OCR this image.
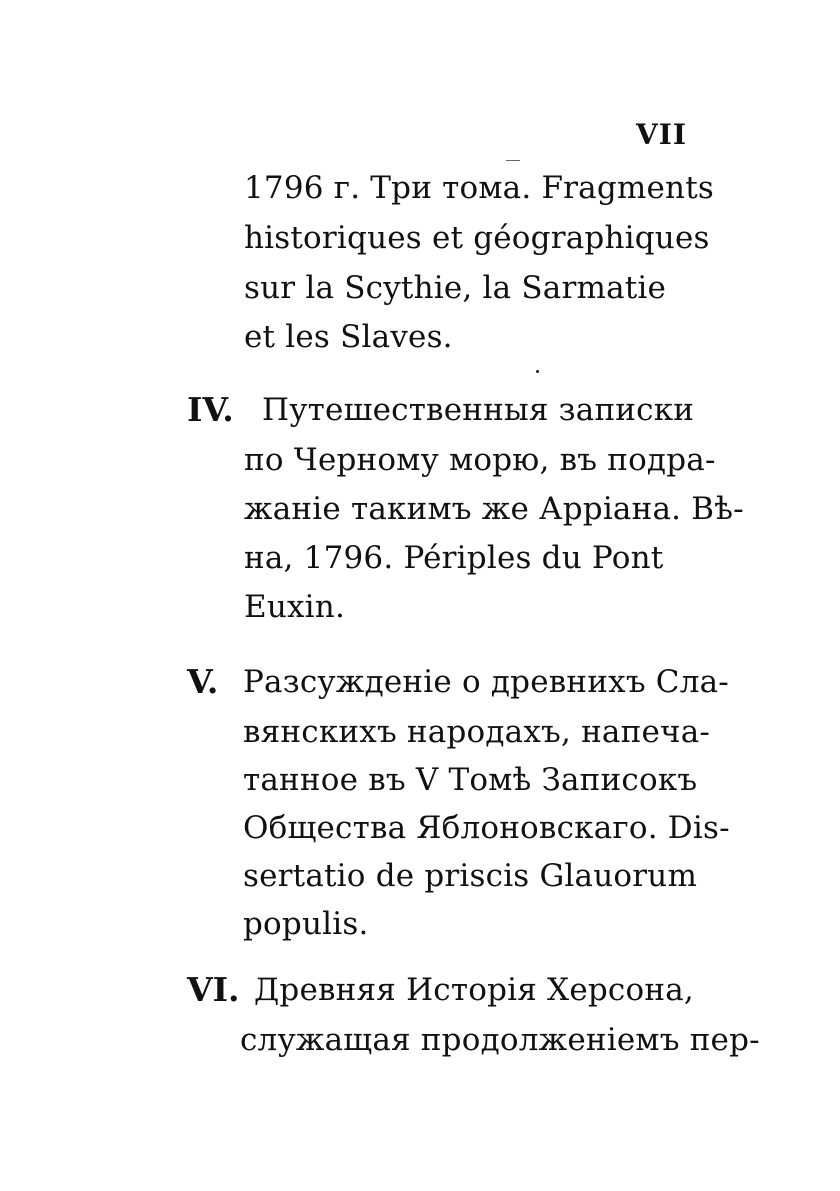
VII
1796 г. Три тома. Fragments
historiques et géographiques
sur la Scythie, la Sarmatie
et les Slaves.
IV. Путешественныя записки
по Черному морю, въ подра-
жаніе такимъ же Арріана. Вѣ-
на, 1796. Périples du Pont
Euxin.
V. Разсужденіе о древнихъ Сла-
вянскихъ народахъ, напеча-
танное въ V Томѣ Записокъ
Общества Яблоновскаго. Dis-
sertatio de priscis Glauorum
populis.
VI. Древняя Исторія Херсона,
служащая продолженіемъ пер-
